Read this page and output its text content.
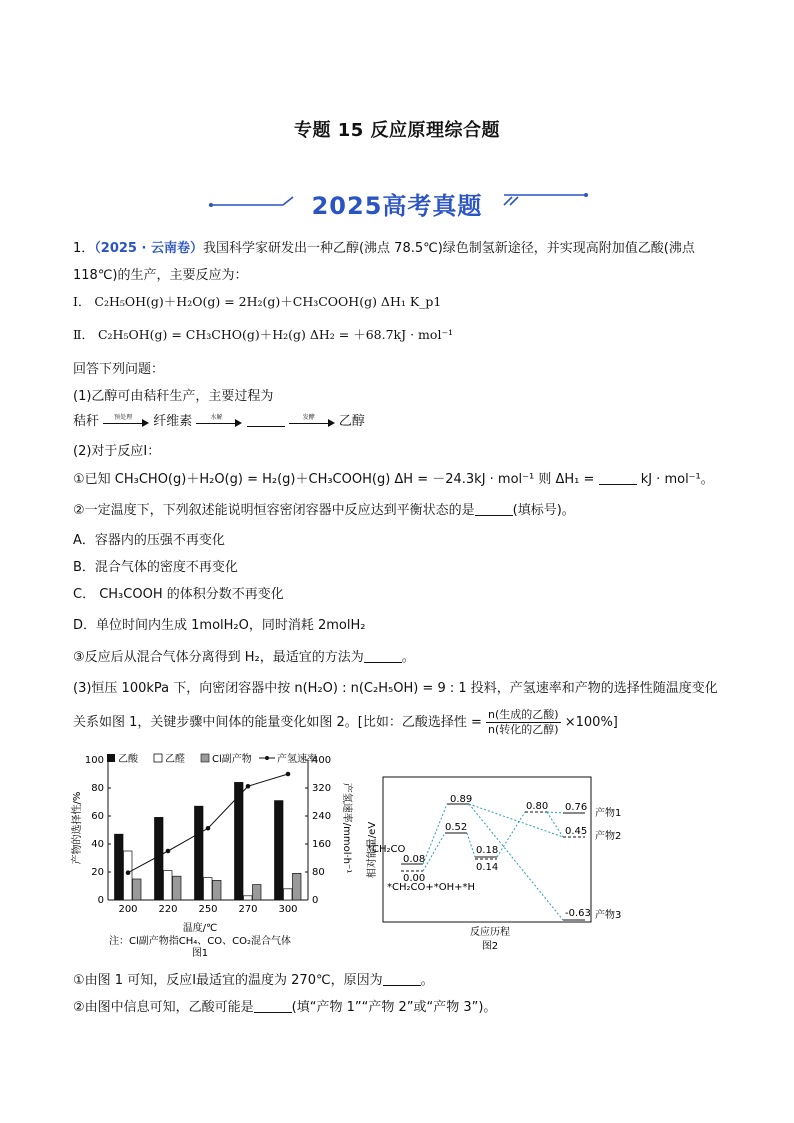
专题 15 反应原理综合题
2025高考真题
1．（2025 · 云南卷）我国科学家研发出一种乙醇(沸点 78.5℃)绿色制氢新途径，并实现高附加值乙酸(沸点
118℃)的生产，主要反应为：
Ⅰ． C₂H₅OH(g)＋H₂O(g) = 2H₂(g)＋CH₃COOH(g) ΔH₁ K_p1
Ⅱ． C₂H₅OH(g) = CH₃CHO(g)＋H₂(g) ΔH₂ = ＋68.7kJ · mol⁻¹
回答下列问题：
(1)乙醇可由秸秆生产，主要过程为
秸秆	预处理	纤维素	水解
	发酵	乙醇
(2)对于反应Ⅰ：
①已知 CH₃CHO(g)＋H₂O(g) = H₂(g)＋CH₃COOH(g) ΔH = －24.3kJ · mol⁻¹ 则 ΔH₁ =	kJ · mol⁻¹。
②一定温度下，下列叙述能说明恒容密闭容器中反应达到平衡状态的是	(填标号)。
A．容器内的压强不再变化
B．混合气体的密度不再变化
C． CH₃COOH 的体积分数不再变化
D．单位时间内生成 1molH₂O，同时消耗 2molH₂
③反应后从混合气体分离得到 H₂，最适宜的方法为	。
(3)恒压 100kPa 下，向密闭容器中按 n(H₂O) : n(C₂H₅OH) = 9 : 1 投料，产氢速率和产物的选择性随温度变化
关系如图 1，关键步骤中间体的能量变化如图 2。[比如：乙酸选择性 = $\frac{\text{n(生成的乙酸)}}{\text{n(转化的乙醇)}} \times 100\%$]
乙酸	乙醛	Cl副产物	产氢速率
产物的选择性/%	产氢速率/mmol·h⁻¹
0
20
40
60
80
100
0
80
160
240
320
400
200 220 250 270 300
温度/℃
注：Cl副产物指CH₄、CO、CO₂混合气体
图1
相对能量/eV
反应历程
图2
0.08
0.00
0.89
0.52
0.18
0.14
0.80 0.76
0.45
-0.63
*CH₂CO
*CH₂CO+*OH+*H
产物1
产物2
产物3
①由图 1 可知，反应Ⅰ最适宜的温度为 270℃，原因为	。
②由图中信息可知，乙酸可能是	(填“产物 1”“产物 2”或“产物 3”)。
